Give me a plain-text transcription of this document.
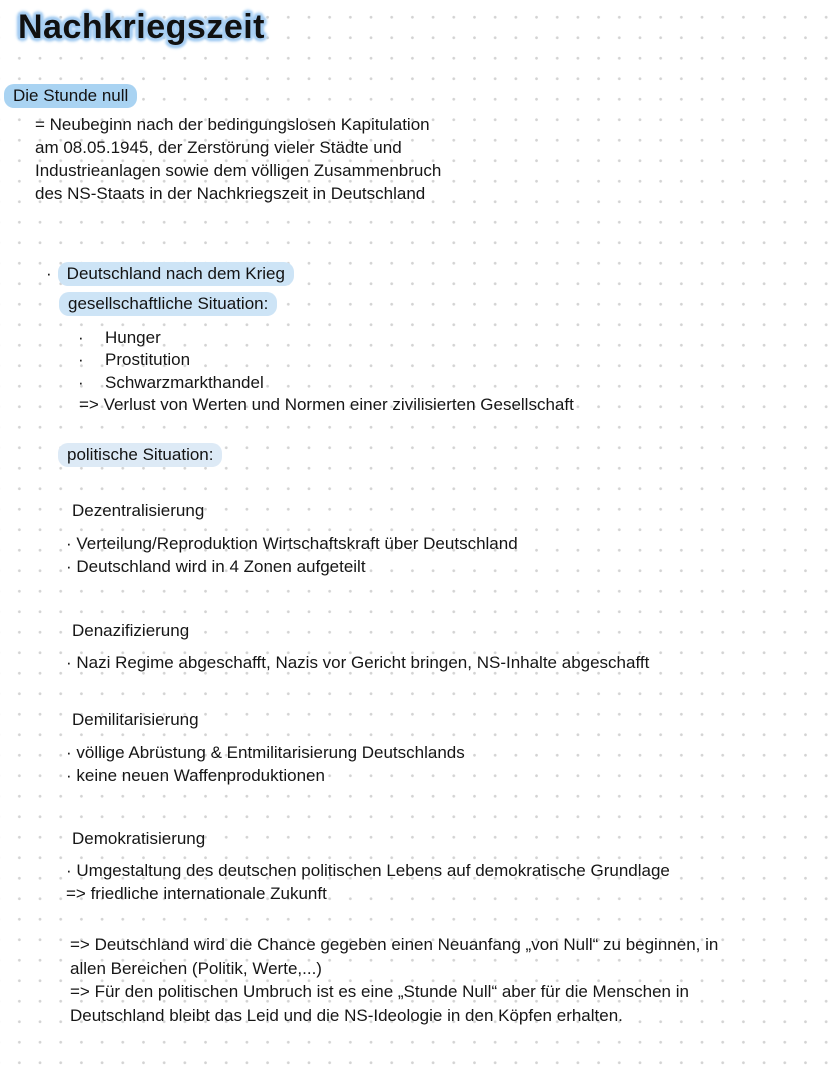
Nachkriegszeit
Die Stunde null
= Neubeginn nach der bedingungslosen Kapitulation
am 08.05.1945, der Zerstörung vieler Städte und
Industrieanlagen sowie dem völligen Zusammenbruch
des NS-Staats in der Nachkriegszeit in Deutschland
· Deutschland nach dem Krieg
gesellschaftliche Situation:
· Hunger
· Prostitution
· Schwarzmarkthandel
=> Verlust von Werten und Normen einer zivilisierten Gesellschaft
politische Situation:
Dezentralisierung
· Verteilung/Reproduktion Wirtschaftskraft über Deutschland
· Deutschland wird in 4 Zonen aufgeteilt
Denazifizierung
· Nazi Regime abgeschafft, Nazis vor Gericht bringen, NS-Inhalte abgeschafft
Demilitarisierung
· völlige Abrüstung & Entmilitarisierung Deutschlands
· keine neuen Waffenproduktionen
Demokratisierung
· Umgestaltung des deutschen politischen Lebens auf demokratische Grundlage
=> friedliche internationale Zukunft
=> Deutschland wird die Chance gegeben einen Neuanfang „von Null“ zu beginnen, in
allen Bereichen (Politik, Werte,...)
=> Für den politischen Umbruch ist es eine „Stunde Null“ aber für die Menschen in
Deutschland bleibt das Leid und die NS-Ideologie in den Köpfen erhalten.
